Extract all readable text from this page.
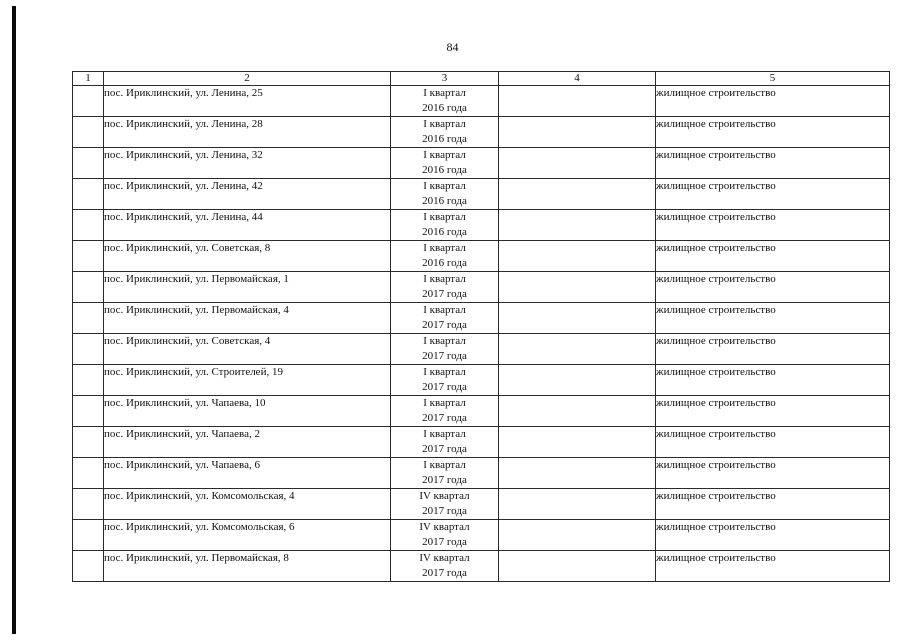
84
1	2	3	4	5
	пос. Ириклинский, ул. Ленина, 25	I квартал
2016 года		жилищное строительство
	пос. Ириклинский, ул. Ленина, 28	I квартал
2016 года		жилищное строительство
	пос. Ириклинский, ул. Ленина, 32	I квартал
2016 года		жилищное строительство
	пос. Ириклинский, ул. Ленина, 42	I квартал
2016 года		жилищное строительство
	пос. Ириклинский, ул. Ленина, 44	I квартал
2016 года		жилищное строительство
	пос. Ириклинский, ул. Советская, 8	I квартал
2016 года		жилищное строительство
	пос. Ириклинский, ул. Первомайская, 1	I квартал
2017 года		жилищное строительство
	пос. Ириклинский, ул. Первомайская, 4	I квартал
2017 года		жилищное строительство
	пос. Ириклинский, ул. Советская, 4	I квартал
2017 года		жилищное строительство
	пос. Ириклинский, ул. Строителей, 19	I квартал
2017 года		жилищное строительство
	пос. Ириклинский, ул. Чапаева, 10	I квартал
2017 года		жилищное строительство
	пос. Ириклинский, ул. Чапаева, 2	I квартал
2017 года		жилищное строительство
	пос. Ириклинский, ул. Чапаева, 6	I квартал
2017 года		жилищное строительство
	пос. Ириклинский, ул. Комсомольская, 4	IV квартал
2017 года		жилищное строительство
	пос. Ириклинский, ул. Комсомольская, 6	IV квартал
2017 года		жилищное строительство
	пос. Ириклинский, ул. Первомайская, 8	IV квартал
2017 года		жилищное строительство
